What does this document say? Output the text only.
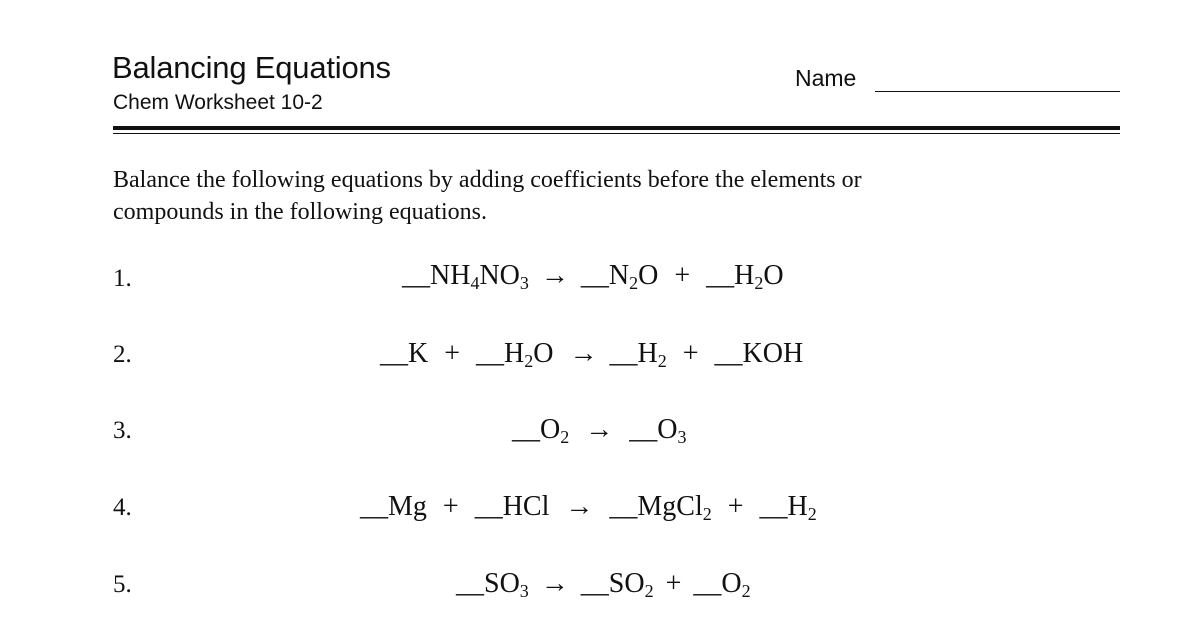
Balancing Equations
Chem Worksheet 10-2
Name
Balance the following equations by adding coefficients before the elements or
compounds in the following equations.
1.	$\_\_NH_4NO_3$ → $\_\_N_2O$ + $\_\_H_2O$
2.	__K + $\_\_H_2O$ → $\_\_H_2$ + __KOH
3.	$\_\_O_2$ → $\_\_O_3$
4.	__Mg + __HCl → __MgCl$_2$ + $\_\_H_2$
5.	$\_\_SO_3$ → $\_\_SO_2$ + $\_\_O_2$
